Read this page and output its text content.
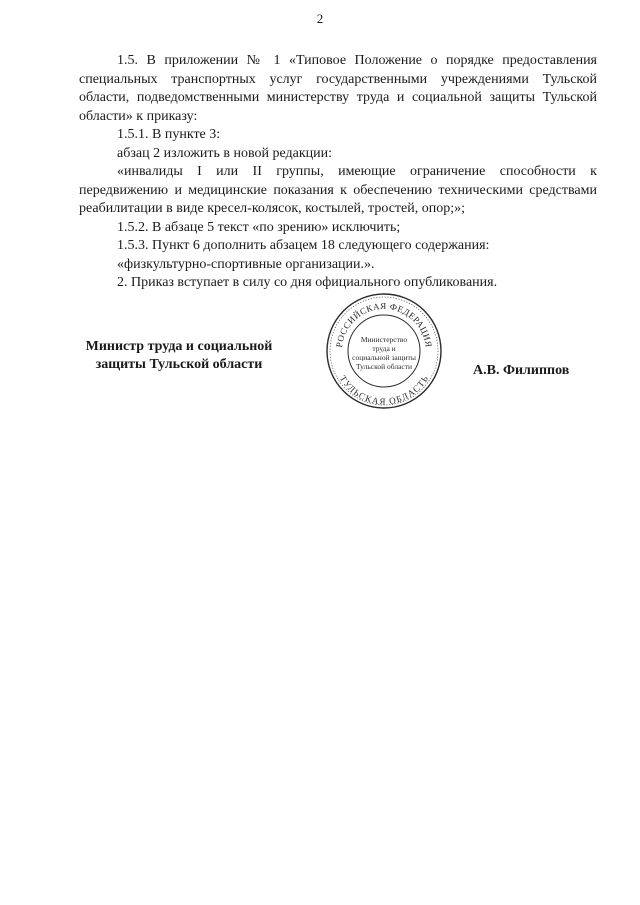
2

1.5. В приложении № 1 «Типовое Положение о порядке предоставления специальных транспортных услуг государственными учреждениями Тульской области, подведомственными министерству труда и социальной защиты Тульской области» к приказу:

1.5.1. В пункте 3:

абзац 2 изложить в новой редакции:

«инвалиды I или II группы, имеющие ограничение способности к передвижению и медицинские показания к обеспечению техническими средствами реабилитации в виде кресел-колясок, костылей, тростей, опор;»;

1.5.2. В абзаце 5 текст «по зрению» исключить;

1.5.3. Пункт 6 дополнить абзацем 18 следующего содержания:

«физкультурно-спортивные организации.».

2. Приказ вступает в силу со дня официального опубликования.

Министр труда и социальной
защиты Тульской области
РОССИЙСКАЯ ФЕДЕРАЦИЯ
ТУЛЬСКАЯ ОБЛАСТЬ
Министерство
труда и
социальной защиты
Тульской области	А.В. Филиппов
